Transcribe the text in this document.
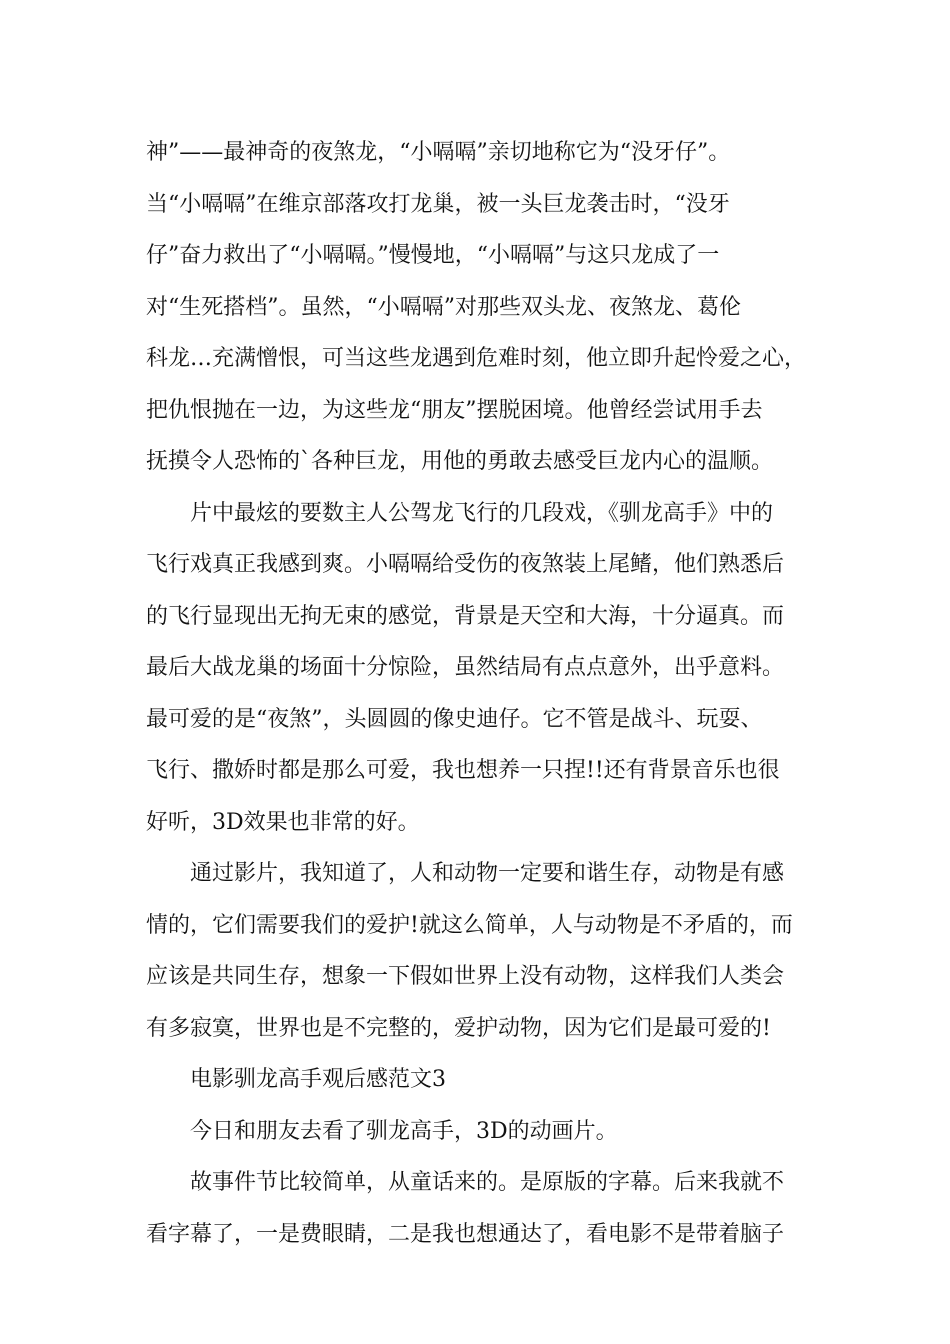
神”——最神奇的夜煞龙，“小嗝嗝”亲切地称它为“没牙仔”。
当“小嗝嗝”在维京部落攻打龙巢，被一头巨龙袭击时，“没牙
仔”奋力救出了“小嗝嗝。”慢慢地，“小嗝嗝”与这只龙成了一
对“生死搭档”。虽然，“小嗝嗝”对那些双头龙、夜煞龙、葛伦
科龙…充满憎恨，可当这些龙遇到危难时刻，他立即升起怜爱之心，
把仇恨抛在一边，为这些龙“朋友”摆脱困境。他曾经尝试用手去
抚摸令人恐怖的`各种巨龙，用他的勇敢去感受巨龙内心的温顺。
片中最炫的要数主人公驾龙飞行的几段戏，《驯龙高手》中的
飞行戏真正我感到爽。小嗝嗝给受伤的夜煞装上尾鳍，他们熟悉后
的飞行显现出无拘无束的感觉，背景是天空和大海，十分逼真。而
最后大战龙巢的场面十分惊险，虽然结局有点点意外，出乎意料。
最可爱的是“夜煞”，头圆圆的像史迪仔。它不管是战斗、玩耍、
飞行、撒娇时都是那么可爱，我也想养一只捏!!还有背景音乐也很
好听，3D效果也非常的好。
通过影片，我知道了，人和动物一定要和谐生存，动物是有感
情的，它们需要我们的爱护!就这么简单，人与动物是不矛盾的，而
应该是共同生存，想象一下假如世界上没有动物，这样我们人类会
有多寂寞，世界也是不完整的，爱护动物，因为它们是最可爱的!
电影驯龙高手观后感范文3
今日和朋友去看了驯龙高手，3D的动画片。
故事件节比较简单，从童话来的。是原版的字幕。后来我就不
看字幕了，一是费眼睛，二是我也想通达了，看电影不是带着脑子
